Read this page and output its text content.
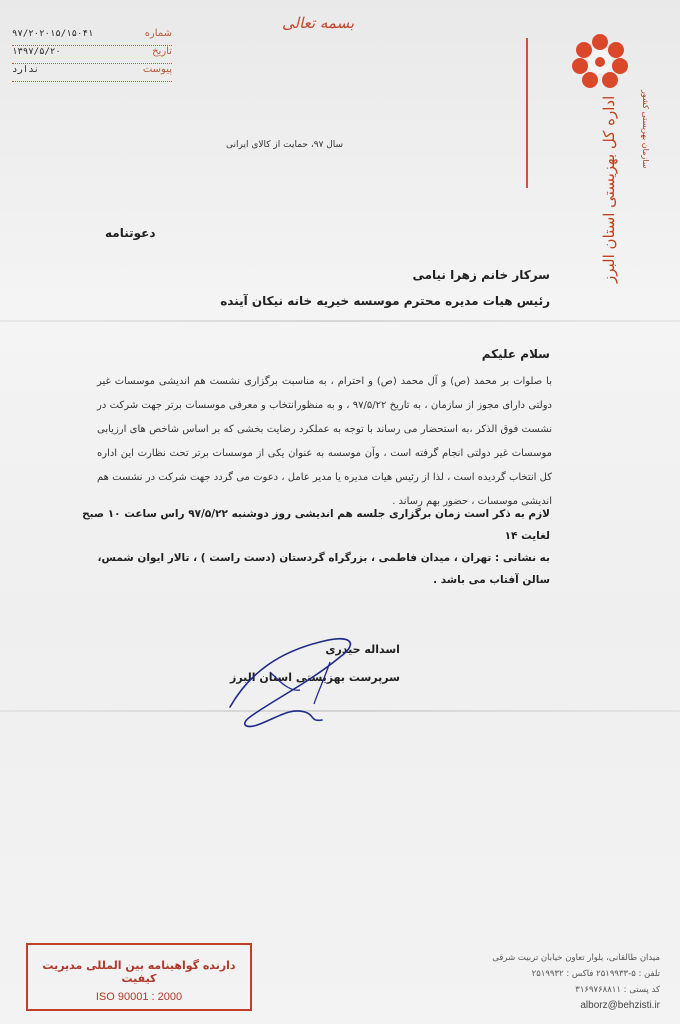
بسمه تعالی
شماره
۹۷/۲۰۲۰۱۵/۱۵۰۴۱
تاریخ
۱۳۹۷/۵/۲۰
پیوست
ندارد
سازمان بهزیستی کشور
اداره کل بهزیستی استان البرز
سال ۹۷، حمایت از کالای ایرانی
دعوتنامه
سرکار خانم زهرا نیامی
رئیس هیات مدیره محترم موسسه خیریه خانه نیکان آینده
سلام علیکم
با صلوات بر محمد (ص) و آل محمد (ص) و احترام ، به مناسبت برگزاری نشست هم اندیشی موسسات غیر دولتی دارای مجوز از سازمان ، به تاریخ ۹۷/۵/۲۲ ، و به منظورانتخاب و معرفی موسسات برتر جهت شرکت در نشست فوق الذکر ،به استحضار می رساند با توجه به عملکرد رضایت بخشی که بر اساس شاخص های ارزیابی موسسات غیر دولتی انجام گرفته است ، وآن موسسه به عنوان یکی از موسسات برتر تحت نظارت این اداره کل انتخاب گردیده است ، لذا از رئیس هیات مدیره یا مدیر عامل ، دعوت می گردد جهت شرکت در نشست هم اندیشی موسسات ، حضور بهم رساند .
لازم به ذکر است زمان برگزاری جلسه هم اندیشی روز دوشنبه ۹۷/۵/۲۲ راس ساعت ۱۰ صبح لغایت ۱۴
به نشانی : تهران ، میدان فاطمی ، بزرگراه گردستان (دست راست ) ، تالار ایوان شمس، سالن آفتاب می باشد .
اسداله حیدری
سرپرست بهزیستی استان البرز
دارنده گواهینامه بین المللی مدیریت کیفیت
ISO 90001 : 2000
میدان طالقانی، بلوار تعاون خیابان تربیت شرقی
تلفن : ۵-۲۵۱۹۹۳۳ فاکس : ۲۵۱۹۹۳۲
کد پستی : ۳۱۶۹۷۶۸۸۱۱
alborz@behzisti.ir
